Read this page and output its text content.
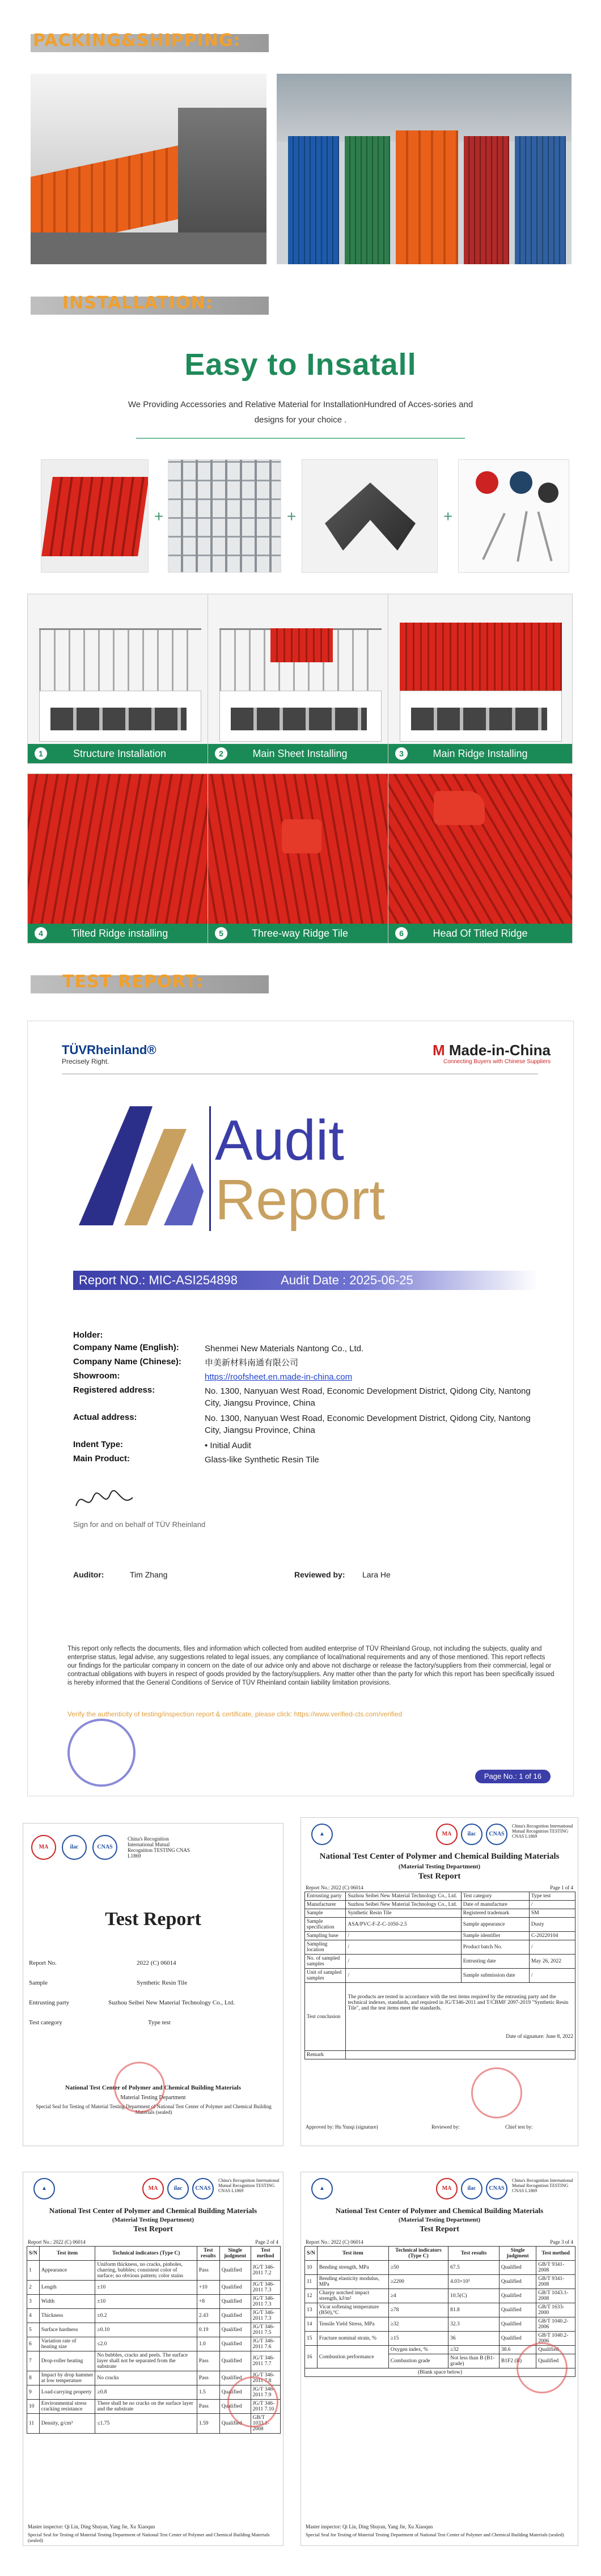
PACKING&SHIPPING:
INSTALLATION:
Easy to Insatall
We Providing Accessories and Relative Material for InstallationHundred of Acces-sories and designs for your choice .
+	+	+
1	Structure Installation	2	Main Sheet Installing	3	Main Ridge Installing
4	Tilted Ridge installing	5	Three-way Ridge Tile	6	Head Of Titled Ridge
TEST REPORT:
TÜVRheinland®
Precisely Right.
M Made-in-China
Connecting Buyers with Chinese Suppliers
Audit
Report
Report NO.: MIC-ASI254898	Audit Date : 2025-06-25
Holder:
Company Name (English):	Shenmei New Materials Nantong Co., Ltd.
Company Name (Chinese):	申美新材料南通有限公司
Showroom:	https://roofsheet.en.made-in-china.com
Registered address:	No. 1300, Nanyuan West Road, Economic Development District, Qidong City, Nantong City, Jiangsu Province, China
Actual address:	No. 1300, Nanyuan West Road, Economic Development District, Qidong City, Nantong City, Jiangsu Province, China
Indent Type:	• Initial Audit
Main Product:	Glass-like Synthetic Resin Tile
Sign for and on behalf of TÜV Rheinland
Auditor:	Tim Zhang	Reviewed by: Lara He
This report only reflects the documents, files and information which collected from audited enterprise of TÜV Rheinland Group, not including the subjects, quality and enterprise status, legal advise, any suggestions related to legal issues, any compliance of local/national requirements and any of those mentioned. This report reflects our findings for the particular company in concern on the date of our advice only and above not discharge or release the factory/suppliers from their commercial, legal or contractual obligations with buyers in respect of goods provided by the factory/suppliers. Any matter other than the party for which this report has been specifically issued is hereby informed that the General Conditions of Service of TÜV Rheinland contain liability limitation provisions.
Verify the authenticity of testing/inspection report & certificate, please click: https://www.verified-cts.com/verified
Page No.: 1 of 16
MA	ilac	CNAS
China's Recognition International Mutual Recognition TESTING CNAS L1869
Test Report
Report No.	2022 (C) 06014
Sample	Synthetic Resin Tile
Entrusting party	Suzhou Seibei New Material Technology Co., Ltd.
Test category	Type test
National Test Center of Polymer and Chemical Building Materials
Material Testing Department
Special Seal for Testing of Material Testing Department of National Test Center of Polymer and Chemical Building Materials (sealed)
▲	MA	ilac	CNAS
China's Recognition International Mutual Recognition TESTING CNAS L1869
National Test Center of Polymer and Chemical Building Materials
(Material Testing Department)
Test Report
Report No.: 2022 (C) 06014	Page 1 of 4
Entrusting party	Suzhou Seibei New Material Technology Co., Ltd.	Test category	Type test
Manufacturer	Suzhou Seibei New Material Technology Co., Ltd.	Date of manufacture	/
Sample	Synthetic Resin Tile	Registered trademark	SM
Sample specification	ASA/PVC-F-Z-C-1050-2.5	Sample appearance	Dusty
Sampling base	/	Sample identifier	C-20220104
Sampling location	/	Product batch No.	/
No. of sampled samples	/	Entrusting date	May 26, 2022
Unit of sampled samples	/	Sample submission date	/
Test conclusion	The products are tested in accordance with the test items required by the entrusting party and the technical indexes, standards, and required in JG/T346-2011 and T/CBMF 2097-2019 "Synthetic Resin Tile", and the test items meet the standards.
Date of signature: June 8, 2022		

Remark			
Approved by: Hu Yunqi (signature)	Reviewed by:	Chief test by:
▲	MA	ilac	CNAS
China's Recognition International Mutual Recognition TESTING CNAS L1869
National Test Center of Polymer and Chemical Building Materials
(Material Testing Department)
Test Report
Report No.: 2022 (C) 06014	Page 2 of 4
S/N	Test item	Technical indicators (Type C)	Test results	Single judgment	Test method
1	Appearance	Uniform thickness, no cracks, pinholes, charring, bubbles; consistent color of surface; no obvious pattern; color stains	Pass	Qualified	JG/T 346-2011 7.2
2	Length	±10	+10	Qualified	JG/T 346-2011 7.3
3	Width	±10	+8	Qualified	JG/T 346-2011 7.3
4	Thickness	±0.2	2.43	Qualified	JG/T 346-2011 7.3
5	Surface hardness	≥0.10	0.19	Qualified	JG/T 346-2011 7.5
6	Variation rate of heating size	≤2.0	1.0	Qualified	JG/T 346-2011 7.6
7	Drop-roller heating	No bubbles, cracks and peels. The surface layer shall not be separated from the substrate	Pass	Qualified	JG/T 346-2011 7.7
8	Impact by drop hammer at low temperature	No cracks	Pass	Qualified	JG/T 346-2011 7.8
9	Load-carrying property	≥0.8	1.5	Qualified	JG/T 346-2011 7.9
10	Environmental stress cracking resistance	There shall be no cracks on the surface layer and the substrate	Pass	Qualified	JG/T 346-2011 7.10
11	Density, g/cm³	≤1.75	1.59	Qualified	GB/T 1033.1-2008
Master inspector: Qi Lin, Ding Shuyan, Yang Jie, Xu Xiaoqun
Special Seal for Testing of Material Testing Department of National Test Center of Polymer and Chemical Building Materials (sealed)
▲	MA	ilac	CNAS
China's Recognition International Mutual Recognition TESTING CNAS L1869
National Test Center of Polymer and Chemical Building Materials
(Material Testing Department)
Test Report
Report No.: 2022 (C) 06014	Page 3 of 4
S/N	Test item	Technical indicators (Type C)	Test results	Single judgment	Test method
10	Bending strength, MPa	≥50	67.5	Qualified	GB/T 9341-2008
11	Bending elasticity modulus, MPa	≥2200	4.03×10³	Qualified	GB/T 9341-2008
12	Charpy notched impact strength, kJ/m²	≥4	10.5(C)	Qualified	GB/T 1043.1-2008
13	Vicat softening temperature (B50),°C	≥78	81.8	Qualified	GB/T 1633-2000
14	Tensile Yield Stress, MPa	≥32	32.3	Qualified	GB/T 1040.2-2006
15	Fracture nominal strain, %	≥15	36	Qualified	GB/T 1040.2-2006
16	Combustion performance	Oxygen index, %	≥32	38.6	Qualified
		Combustion grade	Not less than B (B1-grade)	B1F2 (B)	Qualified
(Blank space below)					
Master inspector: Qi Lin, Ding Shuyan, Yang Jie, Xu Xiaoqun
Special Seal for Testing of Material Testing Department of National Test Center of Polymer and Chemical Building Materials (sealed)
